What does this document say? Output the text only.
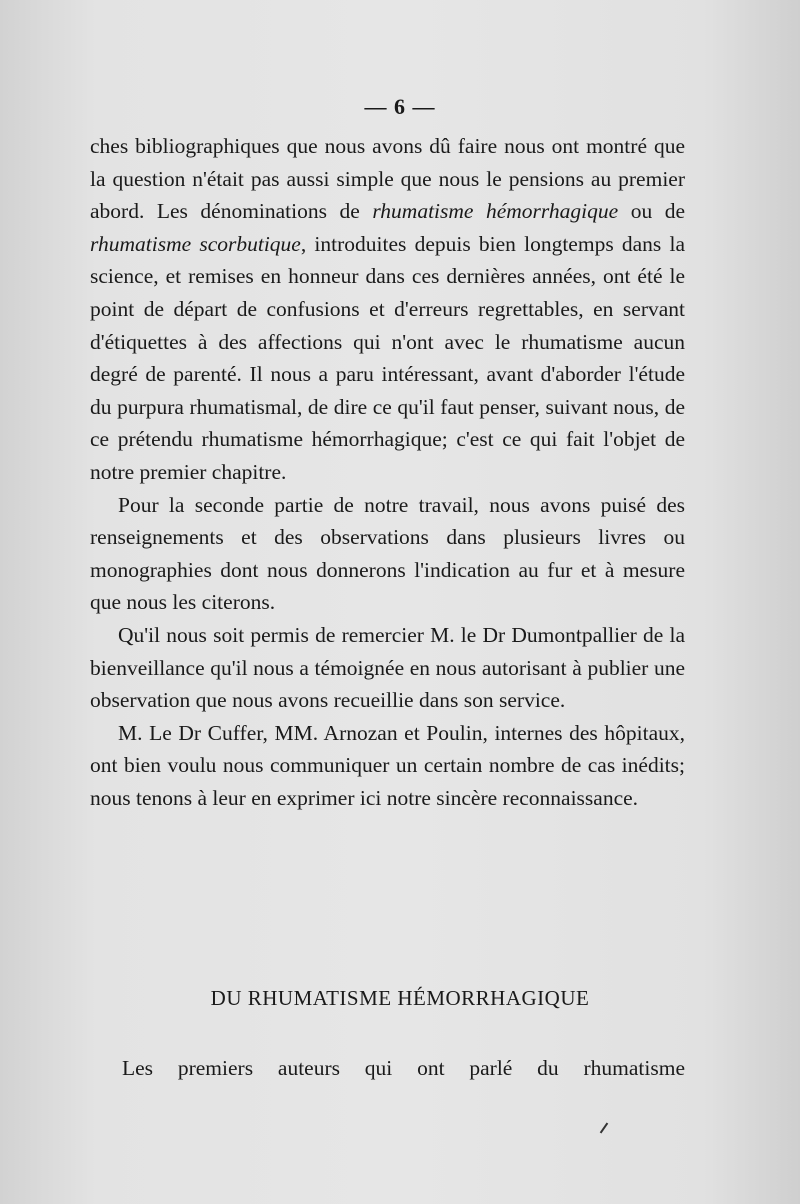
— 6 —

ches bibliographiques que nous avons dû faire nous ont montré que la question n'était pas aussi simple que nous le pensions au premier abord. Les dénominations de rhumatisme hémorrhagique ou de rhumatisme scorbutique, introduites depuis bien longtemps dans la science, et remises en honneur dans ces dernières années, ont été le point de départ de confusions et d'erreurs regrettables, en servant d'étiquettes à des affections qui n'ont avec le rhumatisme aucun degré de parenté. Il nous a paru intéressant, avant d'aborder l'étude du purpura rhumatismal, de dire ce qu'il faut penser, suivant nous, de ce prétendu rhumatisme hémorrhagique; c'est ce qui fait l'objet de notre premier chapitre.

Pour la seconde partie de notre travail, nous avons puisé des renseignements et des observations dans plusieurs livres ou monographies dont nous donnerons l'indication au fur et à mesure que nous les citerons.

Qu'il nous soit permis de remercier M. le Dr Dumontpallier de la bienveillance qu'il nous a témoignée en nous autorisant à publier une observation que nous avons recueillie dans son service.

M. Le Dr Cuffer, MM. Arnozan et Poulin, internes des hôpitaux, ont bien voulu nous communiquer un certain nombre de cas inédits; nous tenons à leur en exprimer ici notre sincère reconnaissance.

DU RHUMATISME HÉMORRHAGIQUE
Les premiers auteurs qui ont parlé du rhumatisme
